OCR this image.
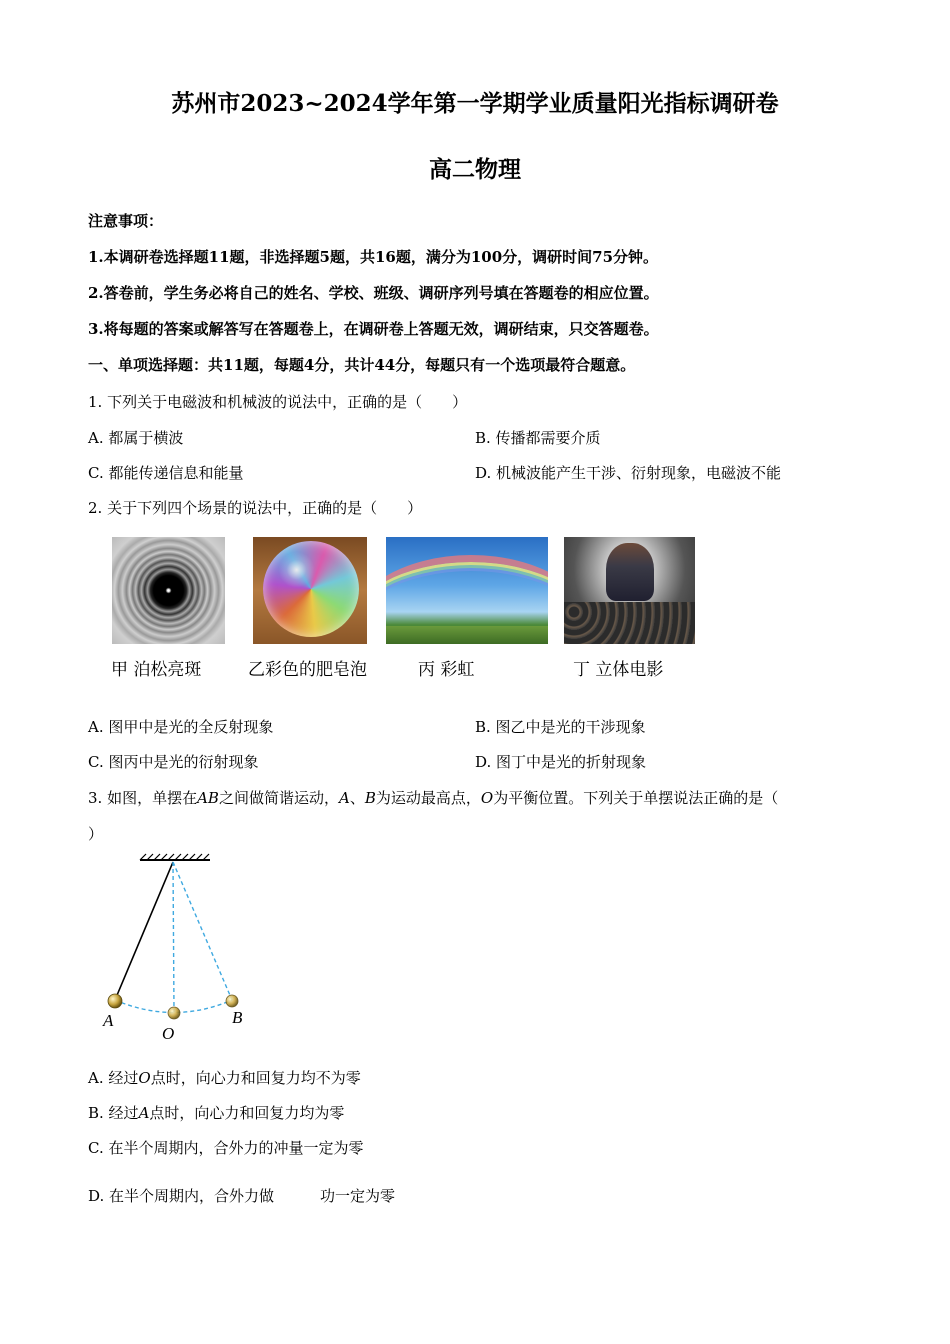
苏州市2023~2024学年第一学期学业质量阳光指标调研卷
高二物理
注意事项：
1.本调研卷选择题11题，非选择题5题，共16题，满分为100分，调研时间75分钟。
2.答卷前，学生务必将自己的姓名、学校、班级、调研序列号填在答题卷的相应位置。
3.将每题的答案或解答写在答题卷上，在调研卷上答题无效，调研结束，只交答题卷。
一、单项选择题：共11题，每题4分，共计44分，每题只有一个选项最符合题意。
1. 下列关于电磁波和机械波的说法中，正确的是（　　）
A. 都属于横波	B. 传播都需要介质
C. 都能传递信息和能量	D. 机械波能产生干涉、衍射现象，电磁波不能
2. 关于下列四个场景的说法中，正确的是（　　）
甲 泊松亮斑	乙彩色的肥皂泡	丙 彩虹	丁 立体电影
A. 图甲中是光的全反射现象	B. 图乙中是光的干涉现象
C. 图丙中是光的衍射现象	D. 图丁中是光的折射现象
3. 如图，单摆在AB之间做简谐运动，A、B为运动最高点，O为平衡位置。下列关于单摆说法正确的是（
）
A
O
B
A. 经过O点时，向心力和回复力均不为零
B. 经过A点时，向心力和回复力均为零
C. 在半个周期内，合外力的冲量一定为零
D. 在半个周期内，合外力做	功一定为零
